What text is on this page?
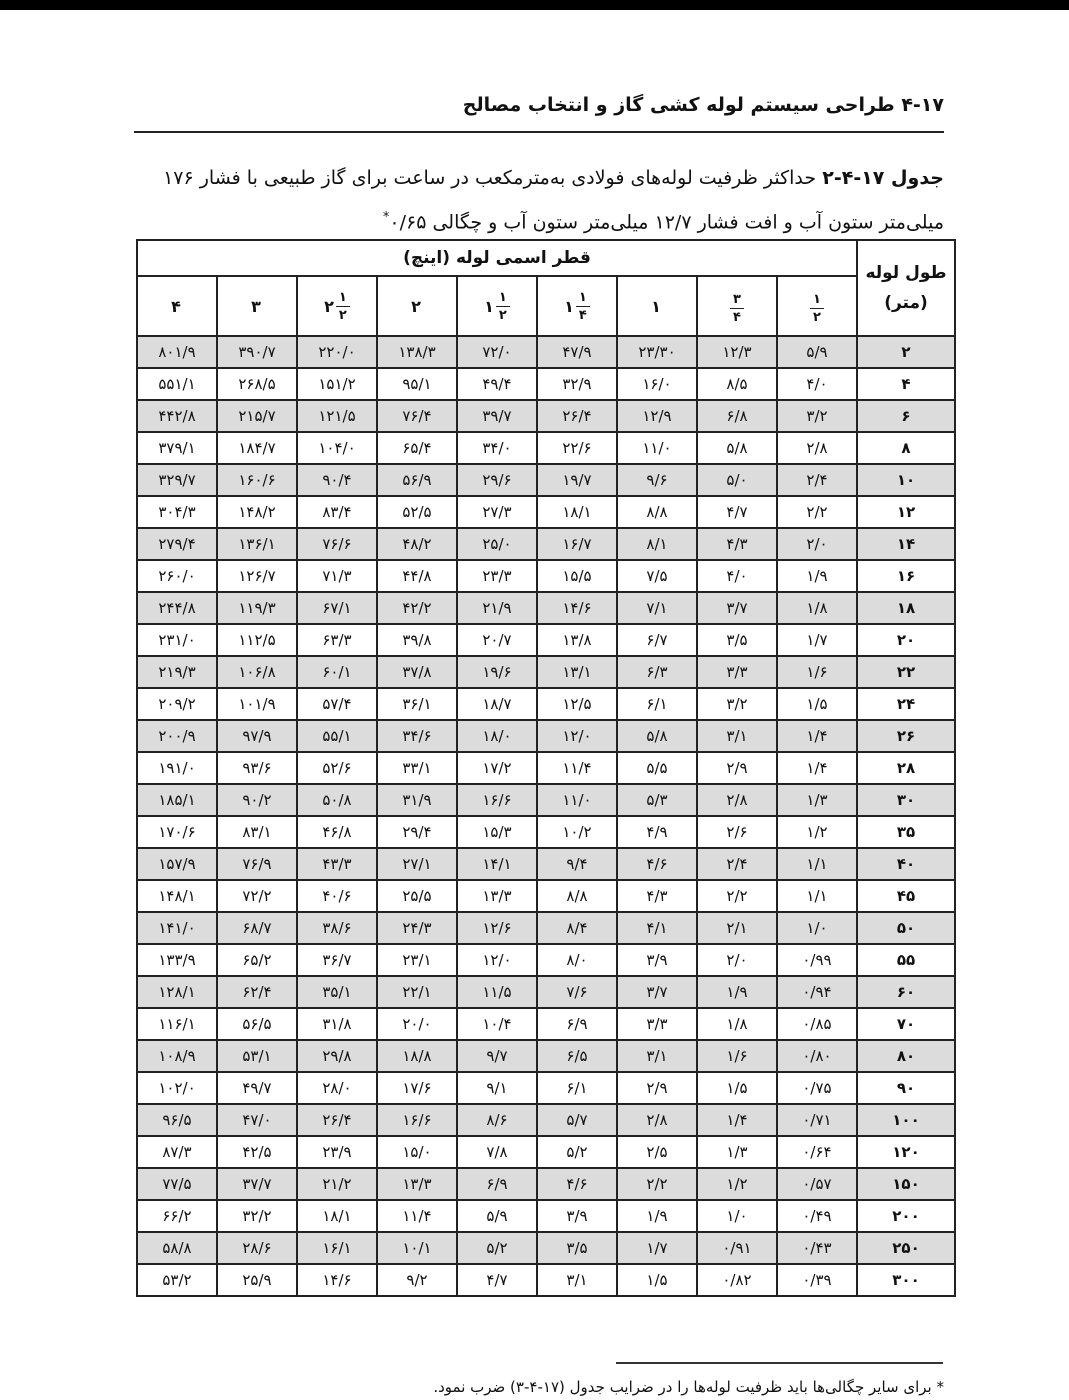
۴-۱۷ طراحی سیستم لوله کشی گاز و انتخاب مصالح
جدول ۱۷-۴-۲ حداکثر ظرفیت لوله‌های فولادی به‌مترمکعب در ساعت برای گاز طبیعی با فشار ۱۷۶
میلی‌متر ستون آب و افت فشار ۱۲/۷ میلی‌متر ستون آب و چگالی ۰/۶۵*
طول لوله
(متر)	قطر اسمی لوله (اینچ)								

	$\frac{۱}{۲}$	$\frac{۳}{۴}$	۱	۱ $\frac{۱}{۴}$	۱ $\frac{۱}{۲}$	۲	۲ $\frac{۱}{۲}$	۳	۴

۲	۵/۹	۱۲/۳	۲۳/۳۰	۴۷/۹	۷۲/۰	۱۳۸/۳	۲۲۰/۰	۳۹۰/۷	۸۰۱/۹
۴	۴/۰	۸/۵	۱۶/۰	۳۲/۹	۴۹/۴	۹۵/۱	۱۵۱/۲	۲۶۸/۵	۵۵۱/۱
۶	۳/۲	۶/۸	۱۲/۹	۲۶/۴	۳۹/۷	۷۶/۴	۱۲۱/۵	۲۱۵/۷	۴۴۲/۸
۸	۲/۸	۵/۸	۱۱/۰	۲۲/۶	۳۴/۰	۶۵/۴	۱۰۴/۰	۱۸۴/۷	۳۷۹/۱
۱۰	۲/۴	۵/۰	۹/۶	۱۹/۷	۲۹/۶	۵۶/۹	۹۰/۴	۱۶۰/۶	۳۲۹/۷
۱۲	۲/۲	۴/۷	۸/۸	۱۸/۱	۲۷/۳	۵۲/۵	۸۳/۴	۱۴۸/۲	۳۰۴/۳
۱۴	۲/۰	۴/۳	۸/۱	۱۶/۷	۲۵/۰	۴۸/۲	۷۶/۶	۱۳۶/۱	۲۷۹/۴
۱۶	۱/۹	۴/۰	۷/۵	۱۵/۵	۲۳/۳	۴۴/۸	۷۱/۳	۱۲۶/۷	۲۶۰/۰
۱۸	۱/۸	۳/۷	۷/۱	۱۴/۶	۲۱/۹	۴۲/۲	۶۷/۱	۱۱۹/۳	۲۴۴/۸
۲۰	۱/۷	۳/۵	۶/۷	۱۳/۸	۲۰/۷	۳۹/۸	۶۳/۳	۱۱۲/۵	۲۳۱/۰
۲۲	۱/۶	۳/۳	۶/۳	۱۳/۱	۱۹/۶	۳۷/۸	۶۰/۱	۱۰۶/۸	۲۱۹/۳
۲۴	۱/۵	۳/۲	۶/۱	۱۲/۵	۱۸/۷	۳۶/۱	۵۷/۴	۱۰۱/۹	۲۰۹/۲
۲۶	۱/۴	۳/۱	۵/۸	۱۲/۰	۱۸/۰	۳۴/۶	۵۵/۱	۹۷/۹	۲۰۰/۹
۲۸	۱/۴	۲/۹	۵/۵	۱۱/۴	۱۷/۲	۳۳/۱	۵۲/۶	۹۳/۶	۱۹۱/۰
۳۰	۱/۳	۲/۸	۵/۳	۱۱/۰	۱۶/۶	۳۱/۹	۵۰/۸	۹۰/۲	۱۸۵/۱
۳۵	۱/۲	۲/۶	۴/۹	۱۰/۲	۱۵/۳	۲۹/۴	۴۶/۸	۸۳/۱	۱۷۰/۶
۴۰	۱/۱	۲/۴	۴/۶	۹/۴	۱۴/۱	۲۷/۱	۴۳/۳	۷۶/۹	۱۵۷/۹
۴۵	۱/۱	۲/۲	۴/۳	۸/۸	۱۳/۳	۲۵/۵	۴۰/۶	۷۲/۲	۱۴۸/۱
۵۰	۱/۰	۲/۱	۴/۱	۸/۴	۱۲/۶	۲۴/۳	۳۸/۶	۶۸/۷	۱۴۱/۰
۵۵	۰/۹۹	۲/۰	۳/۹	۸/۰	۱۲/۰	۲۳/۱	۳۶/۷	۶۵/۲	۱۳۳/۹
۶۰	۰/۹۴	۱/۹	۳/۷	۷/۶	۱۱/۵	۲۲/۱	۳۵/۱	۶۲/۴	۱۲۸/۱
۷۰	۰/۸۵	۱/۸	۳/۳	۶/۹	۱۰/۴	۲۰/۰	۳۱/۸	۵۶/۵	۱۱۶/۱
۸۰	۰/۸۰	۱/۶	۳/۱	۶/۵	۹/۷	۱۸/۸	۲۹/۸	۵۳/۱	۱۰۸/۹
۹۰	۰/۷۵	۱/۵	۲/۹	۶/۱	۹/۱	۱۷/۶	۲۸/۰	۴۹/۷	۱۰۲/۰
۱۰۰	۰/۷۱	۱/۴	۲/۸	۵/۷	۸/۶	۱۶/۶	۲۶/۴	۴۷/۰	۹۶/۵
۱۲۰	۰/۶۴	۱/۳	۲/۵	۵/۲	۷/۸	۱۵/۰	۲۳/۹	۴۲/۵	۸۷/۳
۱۵۰	۰/۵۷	۱/۲	۲/۲	۴/۶	۶/۹	۱۳/۳	۲۱/۲	۳۷/۷	۷۷/۵
۲۰۰	۰/۴۹	۱/۰	۱/۹	۳/۹	۵/۹	۱۱/۴	۱۸/۱	۳۲/۲	۶۶/۲
۲۵۰	۰/۴۳	۰/۹۱	۱/۷	۳/۵	۵/۲	۱۰/۱	۱۶/۱	۲۸/۶	۵۸/۸
۳۰۰	۰/۳۹	۰/۸۲	۱/۵	۳/۱	۴/۷	۹/۲	۱۴/۶	۲۵/۹	۵۳/۲
* برای سایر چگالی‌ها باید ظرفیت لوله‌ها را در ضرایب جدول (۱۷-۴-۳) ضرب نمود.
